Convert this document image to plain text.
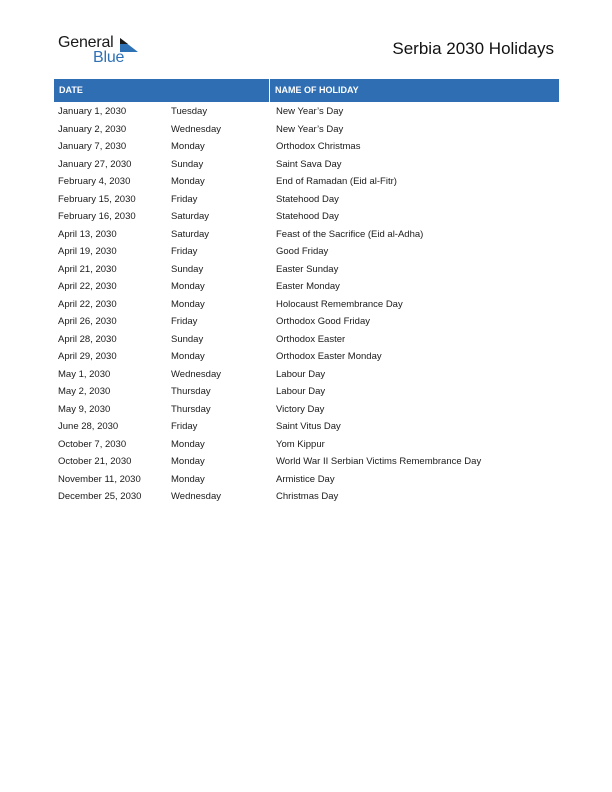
General
Blue	Serbia 2030 Holidays
DATE	NAME OF HOLIDAY
January 1, 2030	Tuesday	New Year’s Day
January 2, 2030	Wednesday	New Year’s Day
January 7, 2030	Monday	Orthodox Christmas
January 27, 2030	Sunday	Saint Sava Day
February 4, 2030	Monday	End of Ramadan (Eid al-Fitr)
February 15, 2030	Friday	Statehood Day
February 16, 2030	Saturday	Statehood Day
April 13, 2030	Saturday	Feast of the Sacrifice (Eid al-Adha)
April 19, 2030	Friday	Good Friday
April 21, 2030	Sunday	Easter Sunday
April 22, 2030	Monday	Easter Monday
April 22, 2030	Monday	Holocaust Remembrance Day
April 26, 2030	Friday	Orthodox Good Friday
April 28, 2030	Sunday	Orthodox Easter
April 29, 2030	Monday	Orthodox Easter Monday
May 1, 2030	Wednesday	Labour Day
May 2, 2030	Thursday	Labour Day
May 9, 2030	Thursday	Victory Day
June 28, 2030	Friday	Saint Vitus Day
October 7, 2030	Monday	Yom Kippur
October 21, 2030	Monday	World War II Serbian Victims Remembrance Day
November 11, 2030	Monday	Armistice Day
December 25, 2030	Wednesday	Christmas Day
